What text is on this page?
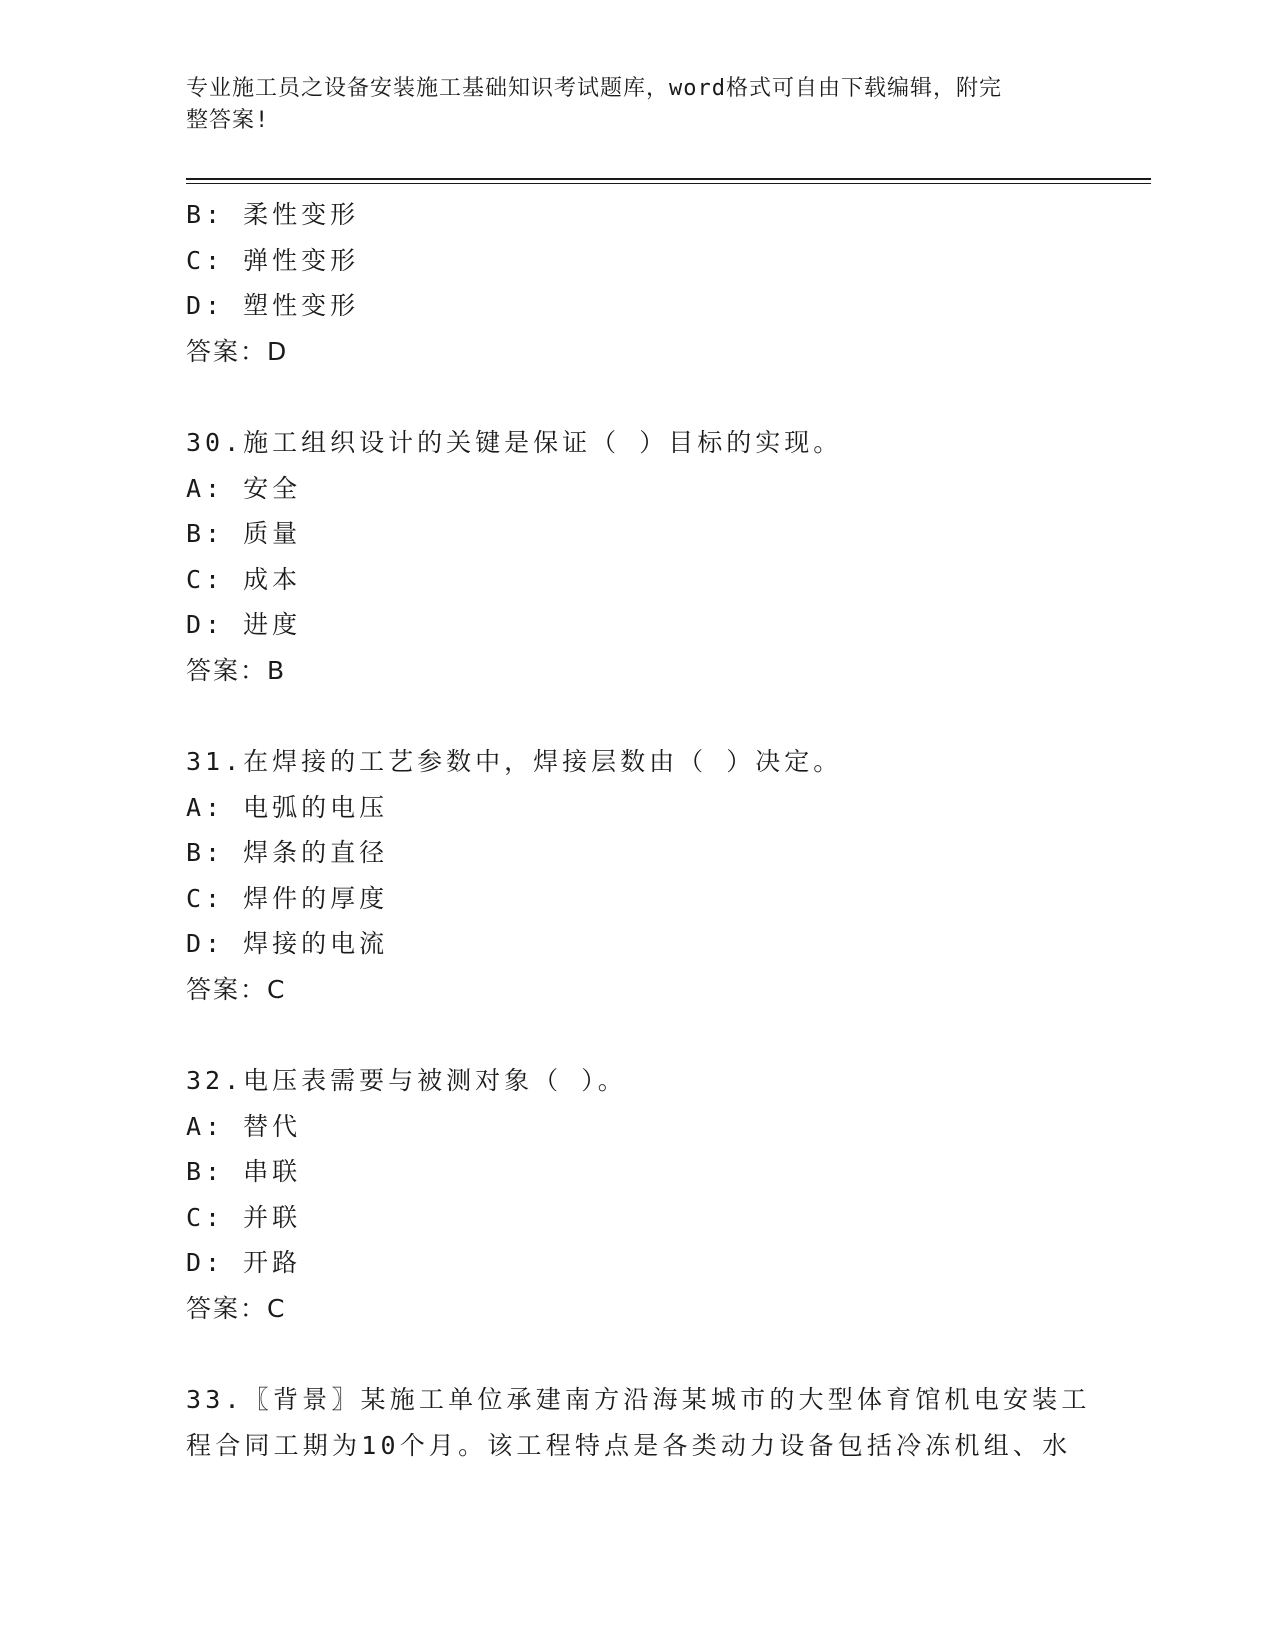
专业施工员之设备安装施工基础知识考试题库，word格式可自由下载编辑，附完
整答案!
B: 柔性变形
C: 弹性变形
D: 塑性变形
答案：D
30.施工组织设计的关键是保证（ ）目标的实现。
A: 安全
B: 质量
C: 成本
D: 进度
答案：B
31.在焊接的工艺参数中，焊接层数由（ ）决定。
A: 电弧的电压
B: 焊条的直径
C: 焊件的厚度
D: 焊接的电流
答案：C
32.电压表需要与被测对象（ ）。
A: 替代
B: 串联
C: 并联
D: 开路
答案：C
33.〖背景〗某施工单位承建南方沿海某城市的大型体育馆机电安装工
程合同工期为10个月。该工程特点是各类动力设备包括冷冻机组、水
